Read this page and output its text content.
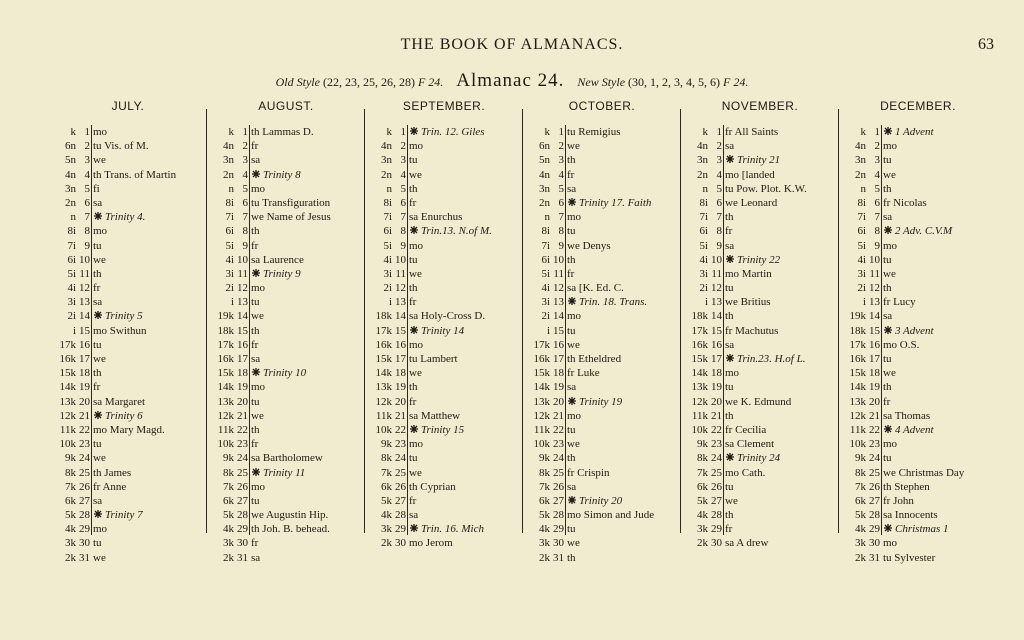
THE BOOK OF ALMANACS.	63
Old Style (22, 23, 25, 26, 28) F 24. Almanac 24. New Style (30, 1, 2, 3, 4, 5, 6) F 24.
JULY.
k 1 mo
6n 2 tu Vis. of M.
5n 3 we
4n 4 th Trans. of Martin
3n 5 fi
2n 6 sa
n 7	Trinity 4.
8i 8 mo
7i 9 tu
6i 10 we
5i 11 th
4i 12 fr
3i 13 sa
2i 14	Trinity 5
i 15 mo Swithun
17k 16 tu
16k 17 we
15k 18 th
14k 19 fr
13k 20 sa Margaret
12k 21	Trinity 6
11k 22 mo Mary Magd.
10k 23 tu
9k 24 we
8k 25 th James
7k 26 fr Anne
6k 27 sa
5k 28	Trinity 7
4k 29 mo
3k 30 tu
2k 31 we
AUGUST.
k 1 th Lammas D.
4n 2 fr
3n 3 sa
2n 4	Trinity 8
n 5 mo
8i 6 tu Transfiguration
7i 7 we Name of Jesus
6i 8 th
5i 9 fr
4i 10 sa Laurence
3i 11	Trinity 9
2i 12 mo
i 13 tu
19k 14 we
18k 15 th
17k 16 fr
16k 17 sa
15k 18	Trinity 10
14k 19 mo
13k 20 tu
12k 21 we
11k 22 th
10k 23 fr
9k 24 sa Bartholomew
8k 25	Trinity 11
7k 26 mo
6k 27 tu
5k 28 we Augustin Hip.
4k 29 th Joh. B. behead.
3k 30 fr
2k 31 sa
SEPTEMBER.
k 1	Trin. 12. Giles
4n 2 mo
3n 3 tu
2n 4 we
n 5 th
8i 6 fr
7i 7 sa Enurchus
6i 8	Trin.13. N.of M.
5i 9 mo
4i 10 tu
3i 11 we
2i 12 th
i 13 fr
18k 14 sa Holy-Cross D.
17k 15	Trinity 14
16k 16 mo
15k 17 tu Lambert
14k 18 we
13k 19 th
12k 20 fr
11k 21 sa Matthew
10k 22	Trinity 15
9k 23 mo
8k 24 tu
7k 25 we
6k 26 th Cyprian
5k 27 fr
4k 28 sa
3k 29	Trin. 16. Mich
2k 30 mo Jerom
OCTOBER.
k 1 tu Remigius
6n 2 we
5n 3 th
4n 4 fr
3n 5 sa
2n 6	Trinity 17. Faith
n 7 mo
8i 8 tu
7i 9 we Denys
6i 10 th
5i 11 fr
4i 12 sa [K. Ed. C.
3i 13	Trin. 18. Trans.
2i 14 mo
i 15 tu
17k 16 we
16k 17 th Etheldred
15k 18 fr Luke
14k 19 sa
13k 20	Trinity 19
12k 21 mo
11k 22 tu
10k 23 we
9k 24 th
8k 25 fr Crispin
7k 26 sa
6k 27	Trinity 20
5k 28 mo Simon and Jude
4k 29 tu
3k 30 we
2k 31 th
NOVEMBER.
k 1 fr All Saints
4n 2 sa
3n 3	Trinity 21
2n 4 mo [landed
n 5 tu Pow. Plot. K.W.
8i 6 we Leonard
7i 7 th
6i 8 fr
5i 9 sa
4i 10	Trinity 22
3i 11 mo Martin
2i 12 tu
i 13 we Britius
18k 14 th
17k 15 fr Machutus
16k 16 sa
15k 17	Trin.23. H.of L.
14k 18 mo
13k 19 tu
12k 20 we K. Edmund
11k 21 th
10k 22 fr Cecilia
9k 23 sa Clement
8k 24	Trinity 24
7k 25 mo Cath.
6k 26 tu
5k 27 we
4k 28 th
3k 29 fr
2k 30 sa A drew
DECEMBER.
k 1	1 Advent
4n 2 mo
3n 3 tu
2n 4 we
n 5 th
8i 6 fr Nicolas
7i 7 sa
6i 8	2 Adv. C.V.M
5i 9 mo
4i 10 tu
3i 11 we
2i 12 th
i 13 fr Lucy
19k 14 sa
18k 15	3 Advent
17k 16 mo O.S.
16k 17 tu
15k 18 we
14k 19 th
13k 20 fr
12k 21 sa Thomas
11k 22	4 Advent
10k 23 mo
9k 24 tu
8k 25 we Christmas Day
7k 26 th Stephen
6k 27 fr John
5k 28 sa Innocents
4k 29	Christmas 1
3k 30 mo
2k 31 tu Sylvester
